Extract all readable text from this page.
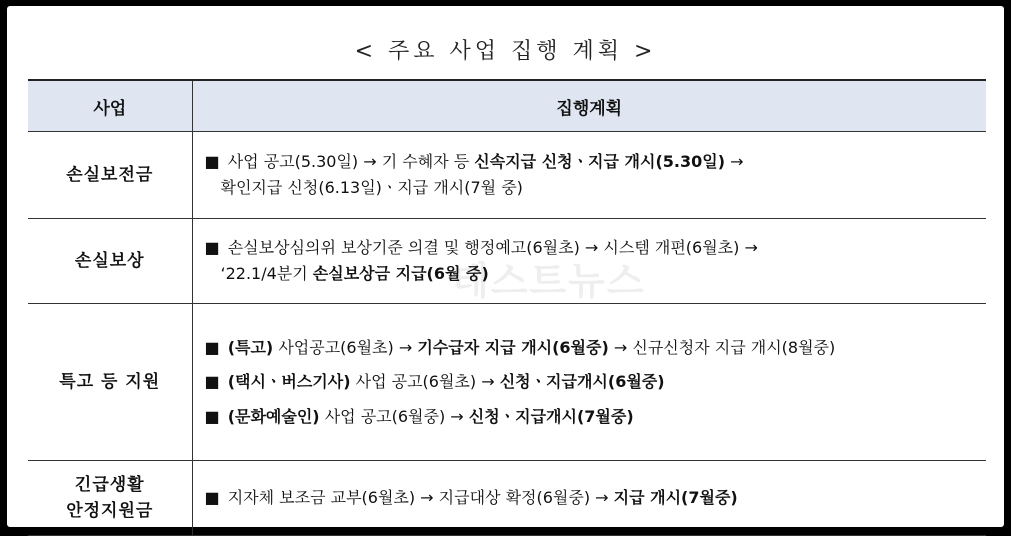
< 주요 사업 집행 계획 >
테스트뉴스
사업	집행계획
손실보전금	■ 사업 공고(5.30일) → 기 수혜자 등 신속지급 신청ㆍ지급 개시(5.30일) →
확인지급 신청(6.13일)ㆍ지급 개시(7월 중)

손실보상	■ 손실보상심의위 보상기준 의결 및 행정예고(6월초) → 시스템 개편(6월초) →
‘22.1/4분기 손실보상금 지급(6월 중)

특고 등 지원	■ (특고) 사업공고(6월초) → 기수급자 지급 개시(6월중) → 신규신청자 지급 개시(8월중)
■ (택시ㆍ버스기사) 사업 공고(6월초) → 신청ㆍ지급개시(6월중)
■ (문화예술인) 사업 공고(6월중) → 신청ㆍ지급개시(7월중)

긴급생활
안정지원금	■ 지자체 보조금 교부(6월초) → 지급대상 확정(6월중) → 지급 개시(7월중)
